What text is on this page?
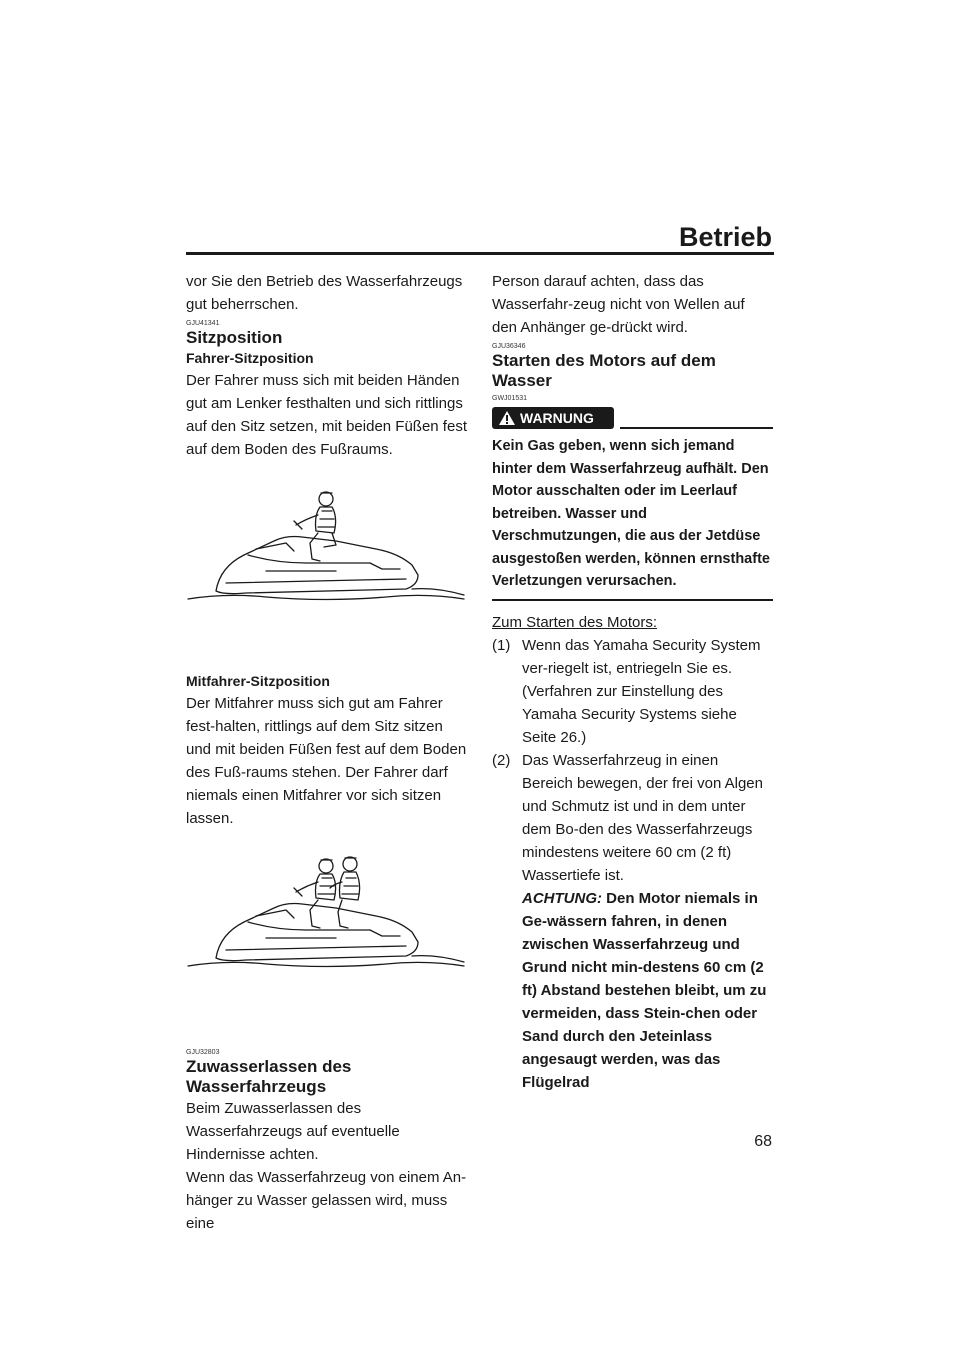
Betrieb

vor Sie den Betrieb des Wasserfahrzeugs gut beherrschen.

GJU41341
Sitzposition
Fahrer-Sitzposition

Der Fahrer muss sich mit beiden Händen gut am Lenker festhalten und sich rittlings auf den Sitz setzen, mit beiden Füßen fest auf dem Boden des Fußraums.

Mitfahrer-Sitzposition

Der Mitfahrer muss sich gut am Fahrer fest-halten, rittlings auf dem Sitz sitzen und mit beiden Füßen fest auf dem Boden des Fuß-raums stehen. Der Fahrer darf niemals einen Mitfahrer vor sich sitzen lassen.

GJU32803
Zuwasserlassen des Wasserfahrzeugs

Beim Zuwasserlassen des Wasserfahrzeugs auf eventuelle Hindernisse achten.

Wenn das Wasserfahrzeug von einem An-hänger zu Wasser gelassen wird, muss eine

Person darauf achten, dass das Wasserfahr-zeug nicht von Wellen auf den Anhänger ge-drückt wird.

GJU36346
Starten des Motors auf dem Wasser
GWJ01531
WARNUNG
Kein Gas geben, wenn sich jemand hinter dem Wasserfahrzeug aufhält. Den Motor ausschalten oder im Leerlauf betreiben. Wasser und Verschmutzungen, die aus der Jetdüse ausgestoßen werden, können ernsthafte Verletzungen verursachen.
Zum Starten des Motors:
(1) Wenn das Yamaha Security System ver-riegelt ist, entriegeln Sie es. (Verfahren zur Einstellung des Yamaha Security Systems siehe Seite 26.)
(2) Das Wasserfahrzeug in einen Bereich bewegen, der frei von Algen und Schmutz ist und in dem unter dem Bo-den des Wasserfahrzeugs mindestens weitere 60 cm (2 ft) Wassertiefe ist.
ACHTUNG: Den Motor niemals in Ge-wässern fahren, in denen zwischen Wasserfahrzeug und Grund nicht min-destens 60 cm (2 ft) Abstand bestehen bleibt, um zu vermeiden, dass Stein-chen oder Sand durch den Jeteinlass angesaugt werden, was das Flügelrad
68
